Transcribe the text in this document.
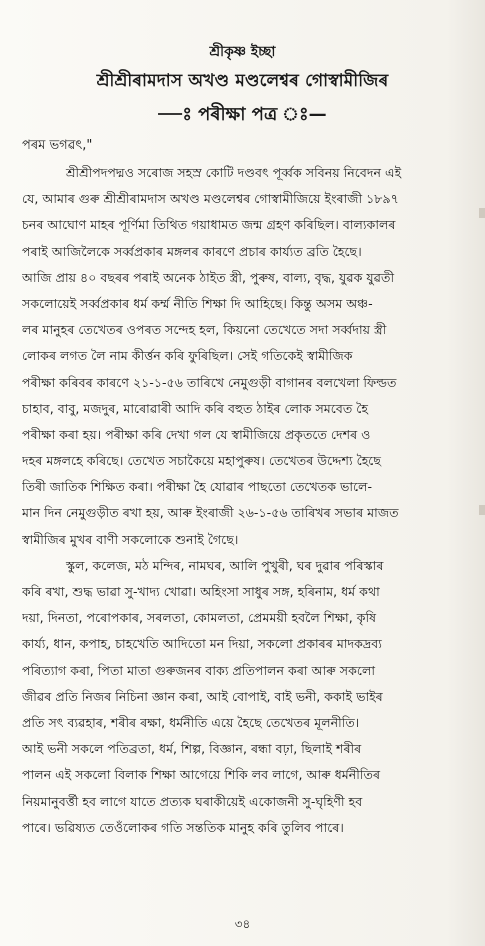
শ্ৰীকৃষ্ণ ইচ্ছা
শ্ৰীশ্ৰীৰামদাস অখণ্ড মণ্ডলেশ্বৰ গোস্বামীজিৰ
—ঃ পৰীক্ষা পত্ৰ ঃ—
পৰম ভগৱৎ,"
শ্ৰীশ্ৰীপদপদ্মও সৰোজ সহস্ৰ কোটি দণ্ডবৎ পূৰ্ব্বক সবিনয় নিবেদন এই
যে, আমাৰ গুৰু শ্ৰীশ্ৰীৰামদাস অখণ্ড মণ্ডলেশ্বৰ গোস্বামীজিয়ে ইংৰাজী ১৮৯৭
চনৰ আঘোণ মাহৰ পূৰ্ণিমা তিথিত গয়াধামত জন্ম গ্ৰহণ কৰিছিল। বাল্যকালৰ
পৰাই আজিলৈকে সৰ্ব্বপ্ৰকাৰ মঙ্গলৰ কাৰণে প্ৰচাৰ কাৰ্য্যত ব্ৰতি হৈছে।
আজি প্ৰায় ৪০ বছৰৰ পৰাই অনেক ঠাইত স্ত্ৰী, পুৰুষ, বাল্য, বৃদ্ধ, যুৱক যুৱতী
সকলোয়েই সৰ্ব্বপ্ৰকাৰ ধৰ্ম কৰ্ম্ম নীতি শিক্ষা দি আহিছে। কিন্তু অসম অঞ্চ-
লৰ মানুহৰ তেখেতৰ ওপৰত সন্দেহ হল, কিয়নো তেখেতে সদা সৰ্ব্বদায় স্ত্ৰী
লোকৰ লগত লৈ নাম কীৰ্ত্তন কৰি ফুৰিছিল। সেই গতিকেই স্বামীজিক
পৰীক্ষা কৰিবৰ কাৰণে ২১-১-৫৬ তাৰিখে নেমুগুড়ী বাগানৰ বলখেলা ফিল্ডত
চাহাব, বাবু, মজদুৰ, মাৰোৱাৰী আদি কৰি বহুত ঠাইৰ লোক সমবেত হৈ
পৰীক্ষা কৰা হয়। পৰীক্ষা কৰি দেখা গল যে স্বামীজিয়ে প্ৰকৃততে দেশৰ ও
দহৰ মঙ্গলহে কৰিছে। তেখেত সচাকৈয়ে মহাপুৰুষ। তেখেতৰ উদ্দেশ্য হৈছে
তিৰী জাতিক শিক্ষিত কৰা। পৰীক্ষা হৈ যোৱাৰ পাছতো তেখেতক ভালে-
মান দিন নেমুগুড়ীত ৰখা হয়, আৰু ইংৰাজী ২৬-১-৫৬ তাৰিখৰ সভাৰ মাজত
স্বামীজিৰ মুখৰ বাণী সকলোকে শুনাই গৈছে।
স্কুল, কলেজ, মঠ মন্দিৰ, নামঘৰ, আলি পুখুৰী, ঘৰ দুৱাৰ পৰিস্কাৰ
কৰি ৰখা, শুদ্ধ ভাৱা সু-খাদ্য খোৱা। অহিংসা সাধুৰ সঙ্গ, হৰিনাম, ধৰ্ম কথা
দয়া, দিনতা, পৰোপকাৰ, সৰলতা, কোমলতা, প্ৰেমময়ী হবলৈ শিক্ষা, কৃষি
কাৰ্য্য, ধান, কপাহ, চাহখেতি আদিতো মন দিয়া, সকলো প্ৰকাৰৰ মাদকদ্ৰব্য
পৰিত্যাগ কৰা, পিতা মাতা গুৰুজনৰ বাক্য প্ৰতিপালন কৰা আৰু সকলো
জীৱৰ প্ৰতি নিজৰ নিচিনা জ্ঞান কৰা, আই বোপাই, বাই ভনী, ককাই ভাইৰ
প্ৰতি সৎ ব্যৱহাৰ, শৰীৰ ৰক্ষা, ধৰ্মনীতি এয়ে হৈছে তেখেতৰ মূলনীতি।
আই ভনী সকলে পতিব্ৰতা, ধৰ্ম, শিল্প, বিজ্ঞান, ৰন্ধা বঢ়া, ছিলাই শৰীৰ
পালন এই সকলো বিলাক শিক্ষা আগেয়ে শিকি লব লাগে, আৰু ধৰ্মনীতিৰ
নিয়মানুবৰ্ত্তী হব লাগে যাতে প্ৰত্যক ঘৰাকীয়েই একোজনী সু-ঘৃহিণী হব
পাৰে। ভৱিষ্যত তেওঁলোকৰ গতি সন্ততিক মানুহ কৰি তুলিব পাৰে।
৩৪
